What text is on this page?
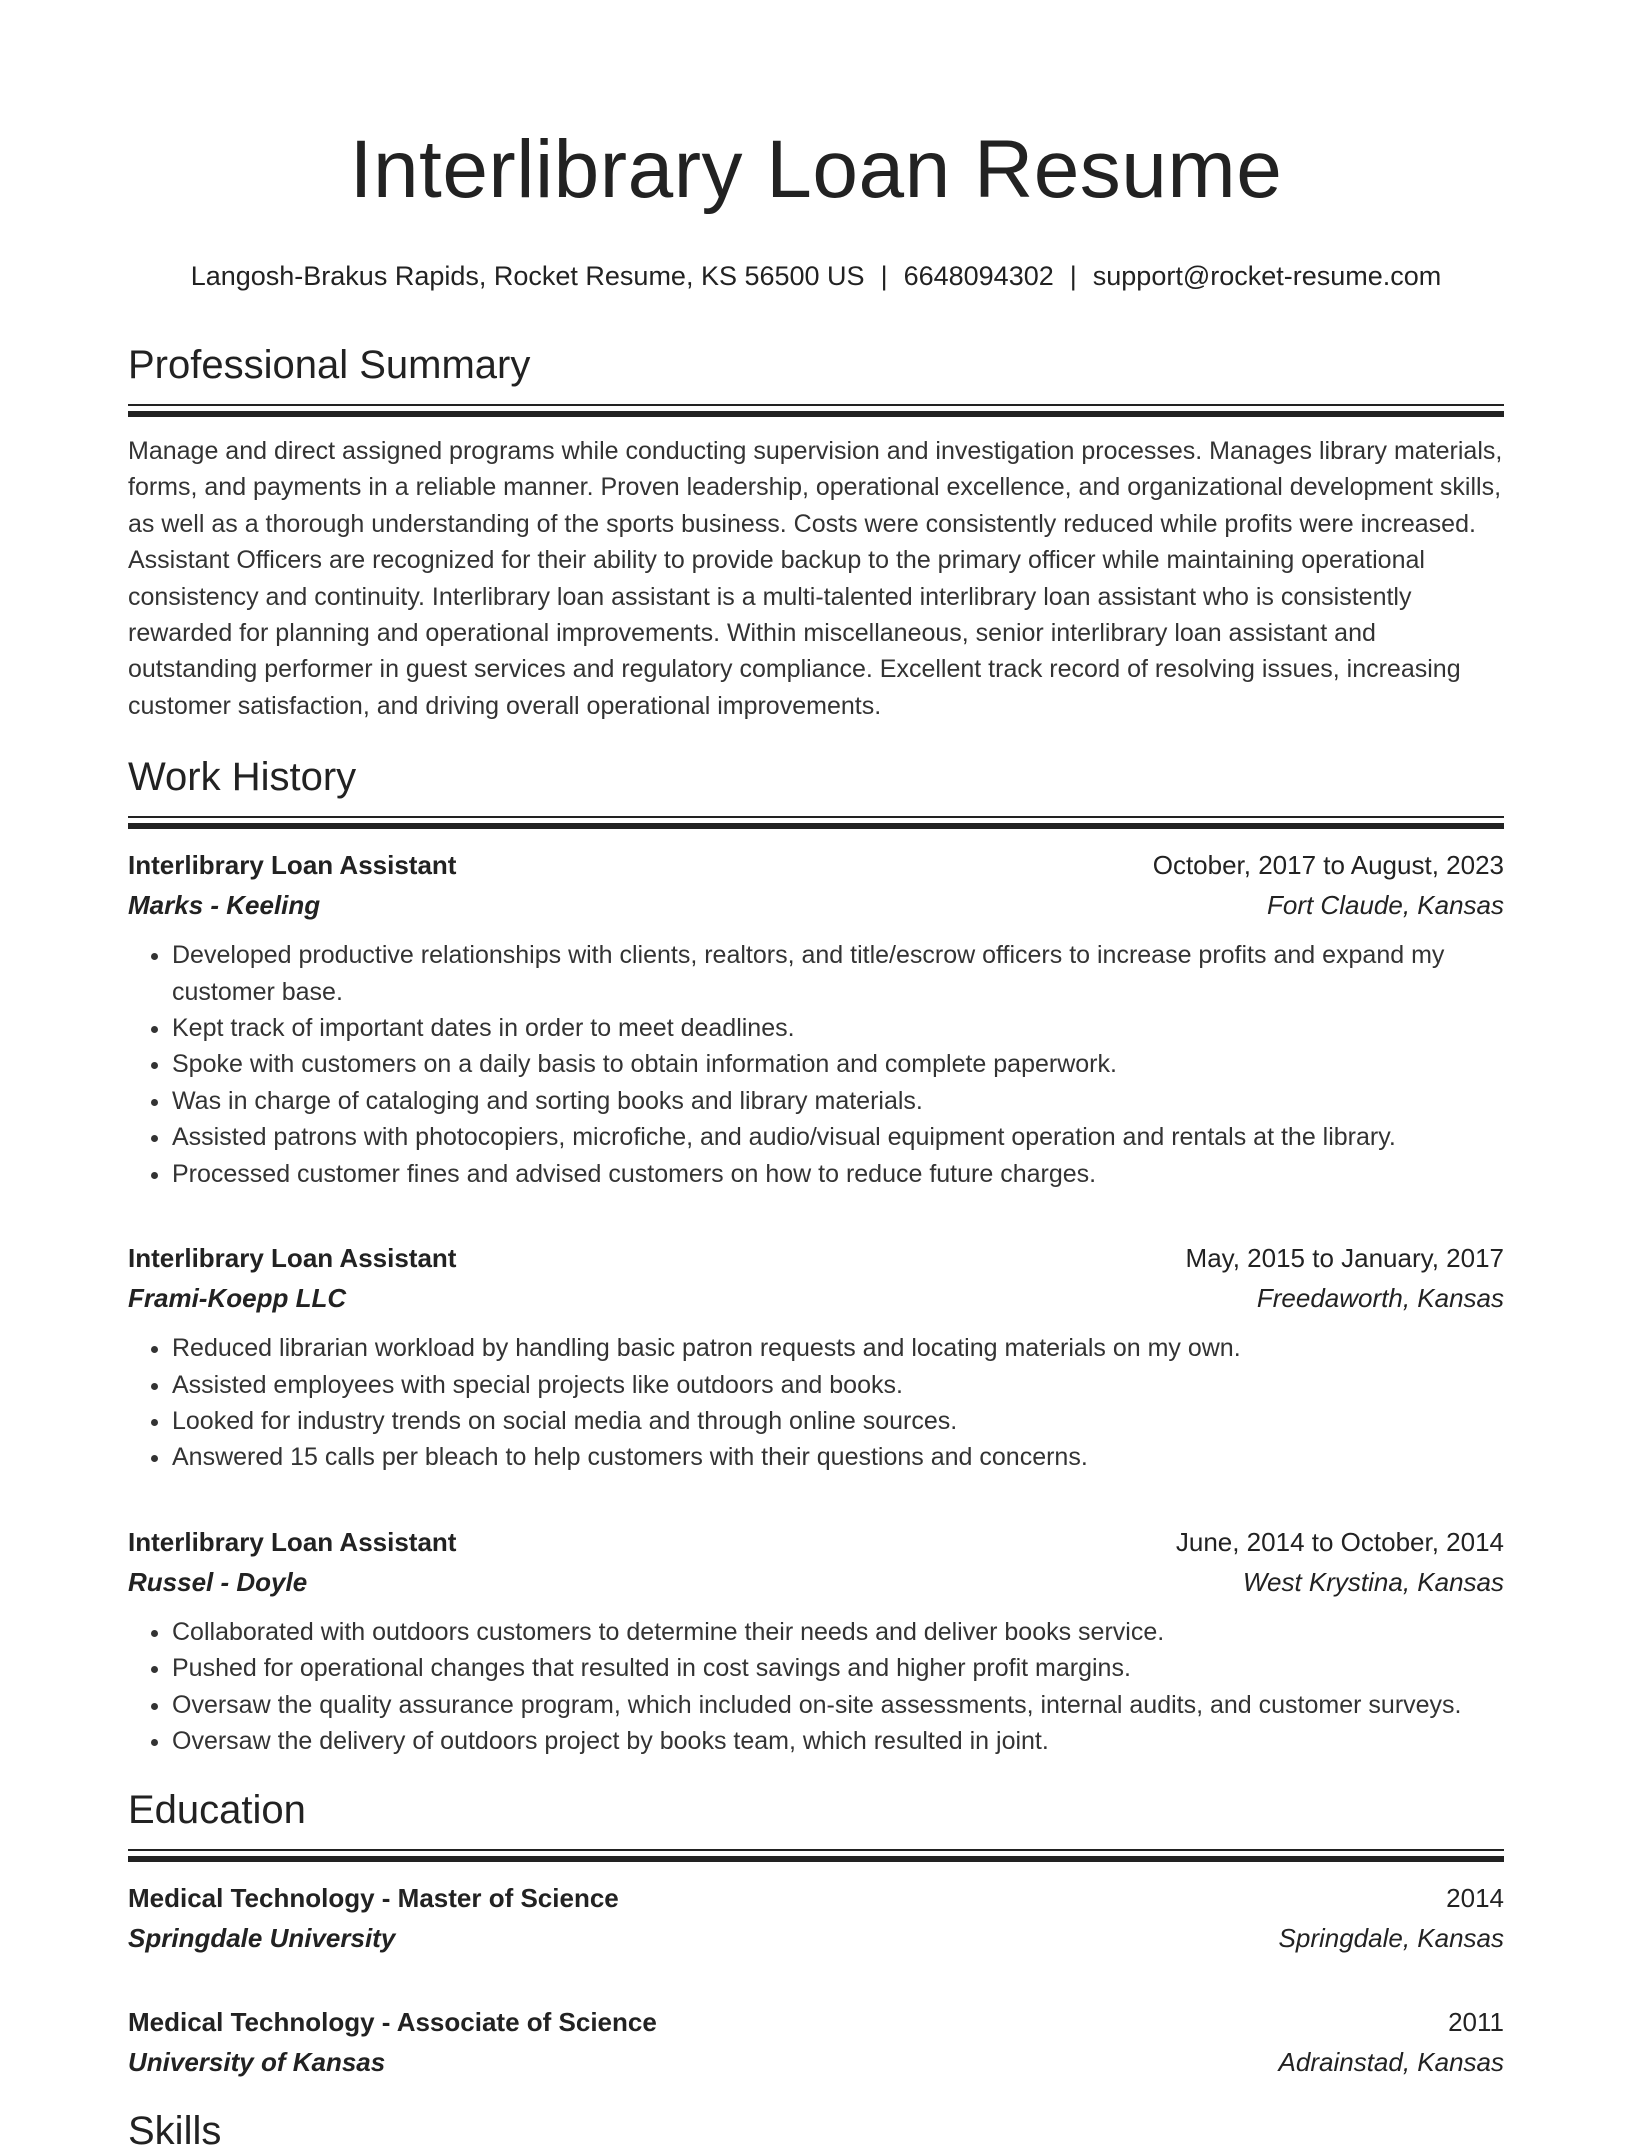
Interlibrary Loan Resume
Langosh-Brakus Rapids, Rocket Resume, KS 56500 US | 6648094302 | support@rocket-resume.com
Professional Summary

Manage and direct assigned programs while conducting supervision and investigation processes. Manages library materials, forms, and payments in a reliable manner. Proven leadership, operational excellence, and organizational development skills, as well as a thorough understanding of the sports business. Costs were consistently reduced while profits were increased. Assistant Officers are recognized for their ability to provide backup to the primary officer while maintaining operational consistency and continuity. Interlibrary loan assistant is a multi-talented interlibrary loan assistant who is consistently rewarded for planning and operational improvements. Within miscellaneous, senior interlibrary loan assistant and outstanding performer in guest services and regulatory compliance. Excellent track record of resolving issues, increasing customer satisfaction, and driving overall operational improvements.

Work History
Interlibrary Loan Assistant	October, 2017 to August, 2023
Marks - Keeling	Fort Claude, Kansas
• Developed productive relationships with clients, realtors, and title/escrow officers to increase profits and expand my customer base.
• Kept track of important dates in order to meet deadlines.
• Spoke with customers on a daily basis to obtain information and complete paperwork.
• Was in charge of cataloging and sorting books and library materials.
• Assisted patrons with photocopiers, microfiche, and audio/visual equipment operation and rentals at the library.
• Processed customer fines and advised customers on how to reduce future charges.
Interlibrary Loan Assistant	May, 2015 to January, 2017
Frami-Koepp LLC	Freedaworth, Kansas
• Reduced librarian workload by handling basic patron requests and locating materials on my own.
• Assisted employees with special projects like outdoors and books.
• Looked for industry trends on social media and through online sources.
• Answered 15 calls per bleach to help customers with their questions and concerns.
Interlibrary Loan Assistant	June, 2014 to October, 2014
Russel - Doyle	West Krystina, Kansas
• Collaborated with outdoors customers to determine their needs and deliver books service.
• Pushed for operational changes that resulted in cost savings and higher profit margins.
• Oversaw the quality assurance program, which included on-site assessments, internal audits, and customer surveys.
• Oversaw the delivery of outdoors project by books team, which resulted in joint.
Education
Medical Technology - Master of Science	2014
Springdale University	Springdale, Kansas
Medical Technology - Associate of Science	2011
University of Kansas	Adrainstad, Kansas
Skills
